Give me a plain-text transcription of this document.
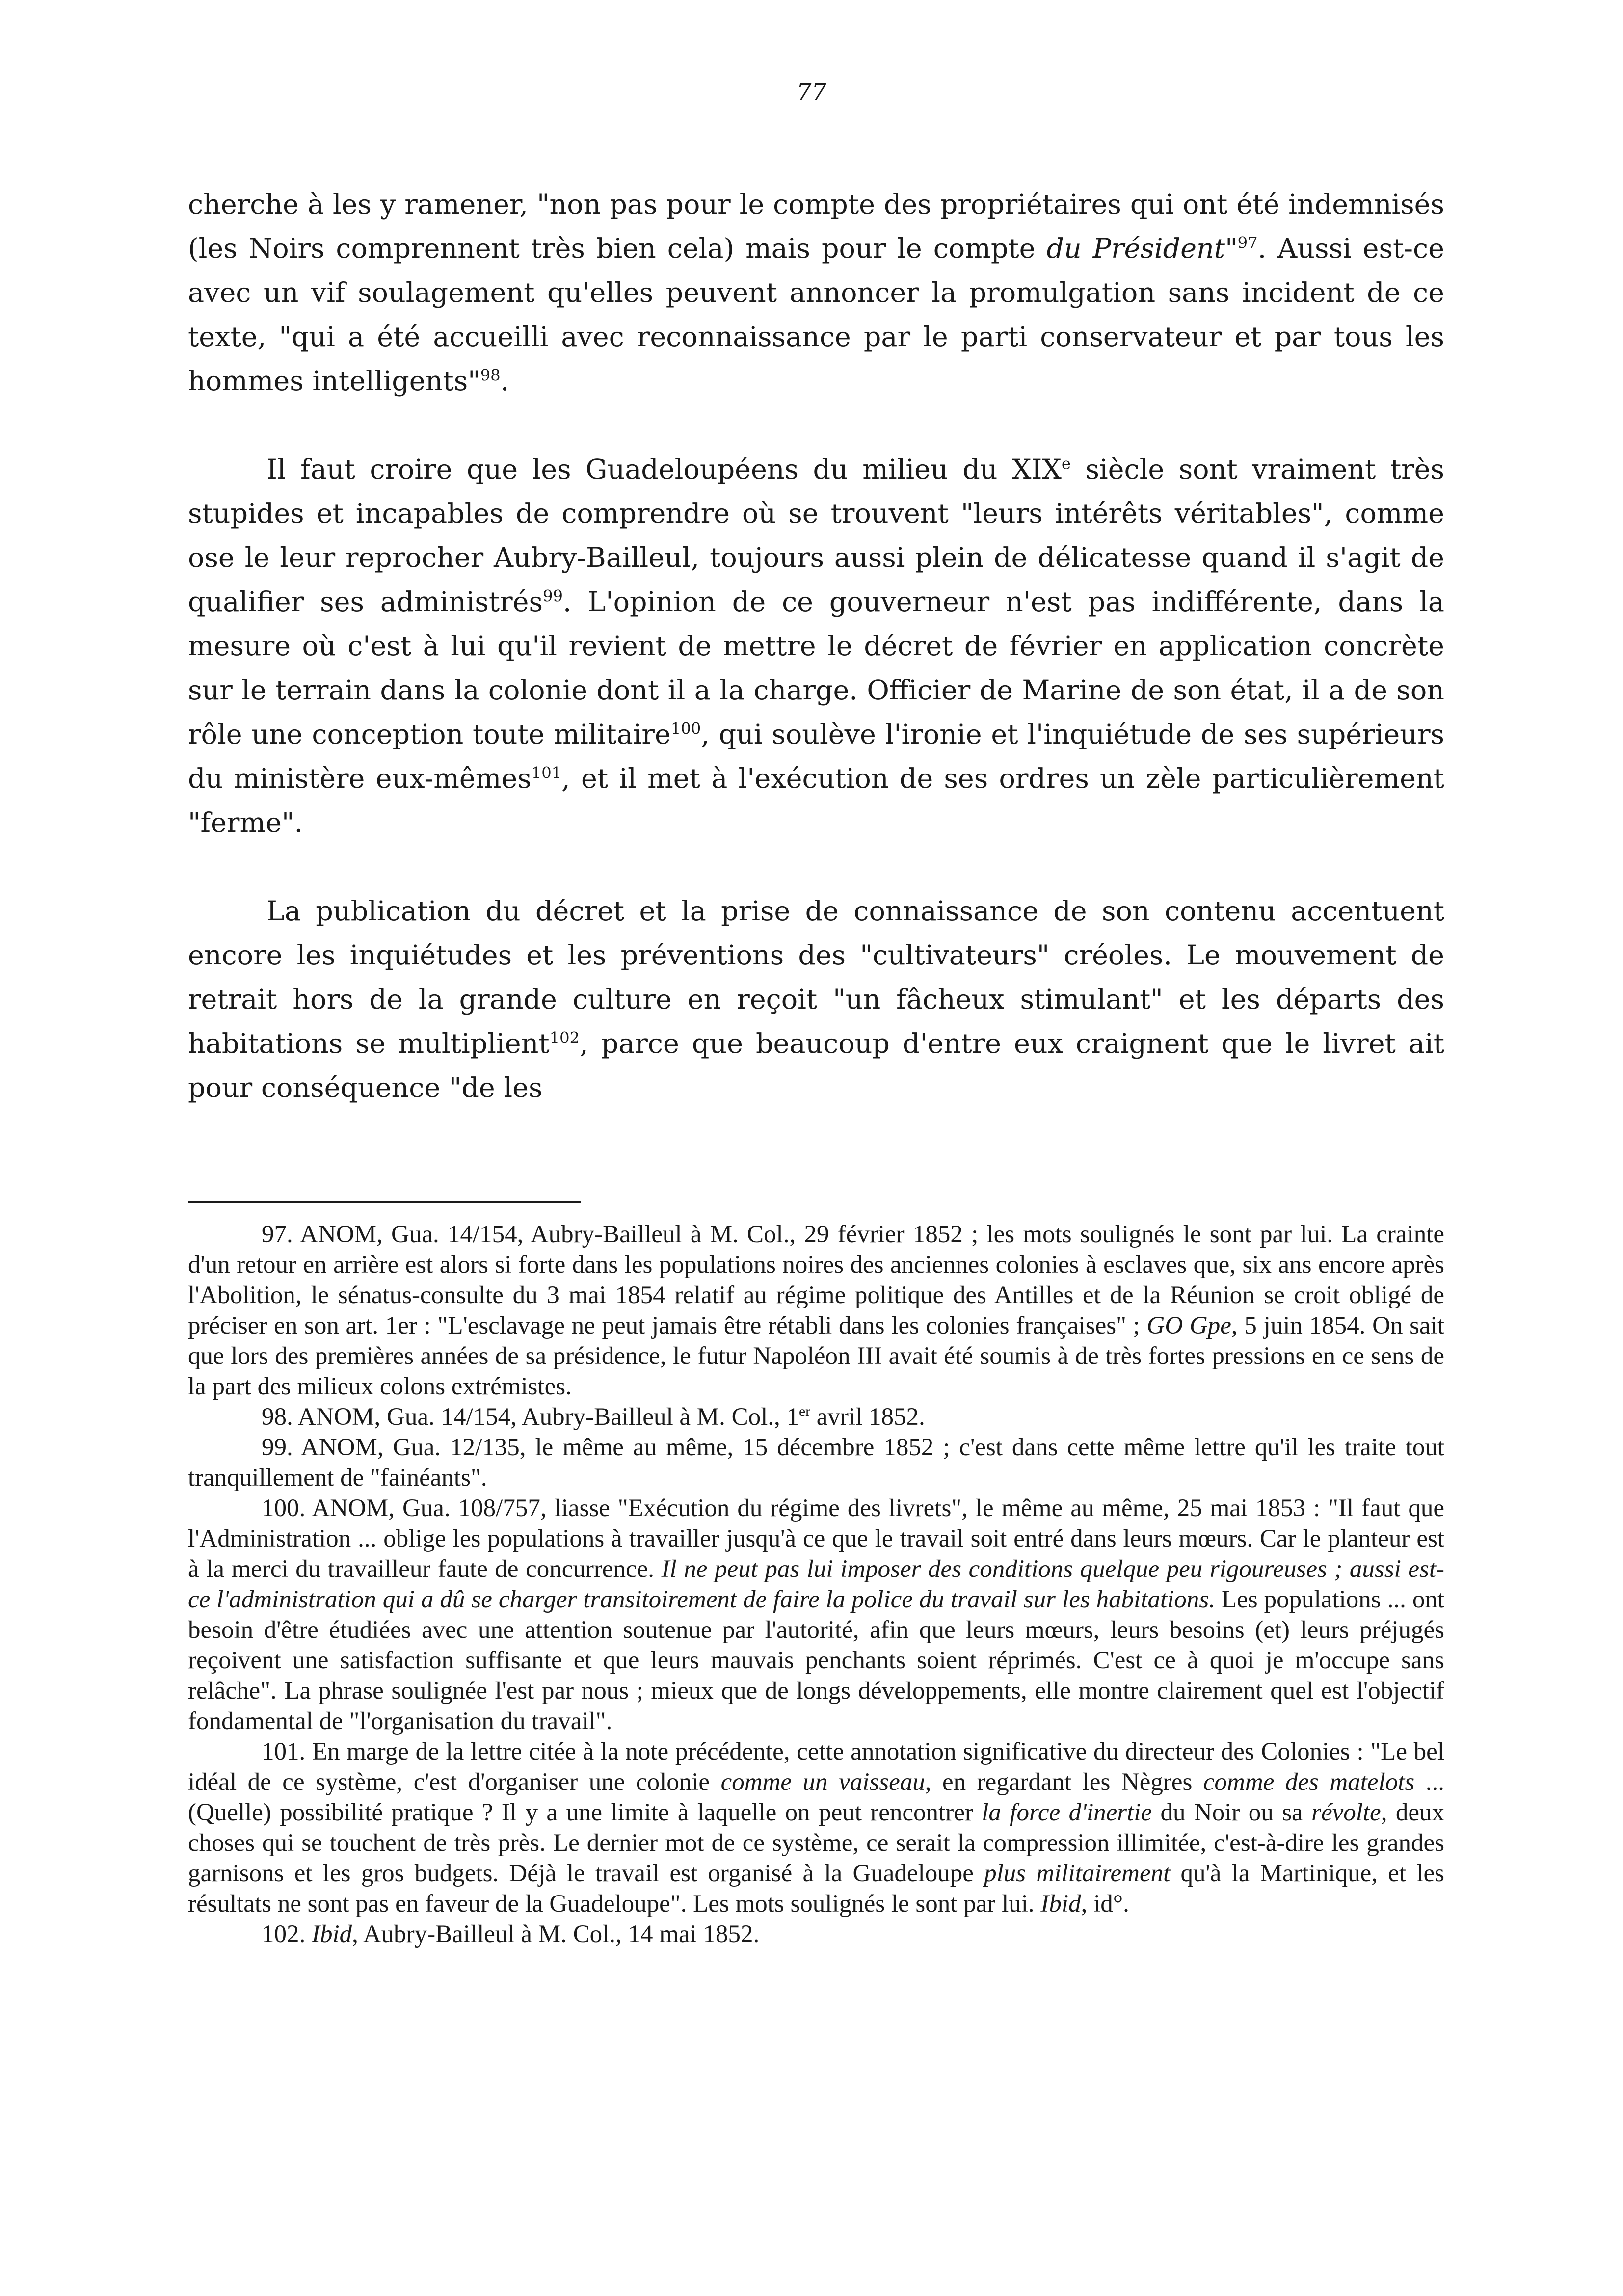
77

cherche à les y ramener, "non pas pour le compte des propriétaires qui ont été indemnisés (les Noirs comprennent très bien cela) mais pour le compte du Président"$^{97}$. Aussi est-ce avec un vif soulagement qu'elles peuvent annoncer la promulgation sans incident de ce texte, "qui a été accueilli avec reconnaissance par le parti conservateur et par tous les hommes intelligents"$^{98}$.

Il faut croire que les Guadeloupéens du milieu du XIXe siècle sont vraiment très stupides et incapables de comprendre où se trouvent "leurs intérêts véritables", comme ose le leur reprocher Aubry-Bailleul, toujours aussi plein de délicatesse quand il s'agit de qualifier ses administrés$^{99}$. L'opinion de ce gouverneur n'est pas indifférente, dans la mesure où c'est à lui qu'il revient de mettre le décret de février en application concrète sur le terrain dans la colonie dont il a la charge. Officier de Marine de son état, il a de son rôle une conception toute militaire$^{100}$, qui soulève l'ironie et l'inquiétude de ses supérieurs du ministère eux-mêmes$^{101}$, et il met à l'exécution de ses ordres un zèle particulièrement "ferme".

La publication du décret et la prise de connaissance de son contenu accentuent encore les inquiétudes et les préventions des "cultivateurs" créoles. Le mouvement de retrait hors de la grande culture en reçoit "un fâcheux stimulant" et les départs des habitations se multiplient$^{102}$, parce que beaucoup d'entre eux craignent que le livret ait pour conséquence "de les

97. ANOM, Gua. 14/154, Aubry-Bailleul à M. Col., 29 février 1852 ; les mots soulignés le sont par lui. La crainte d'un retour en arrière est alors si forte dans les populations noires des anciennes colonies à esclaves que, six ans encore après l'Abolition, le sénatus-consulte du 3 mai 1854 relatif au régime politique des Antilles et de la Réunion se croit obligé de préciser en son art. 1er : "L'esclavage ne peut jamais être rétabli dans les colonies françaises" ; GO Gpe, 5 juin 1854. On sait que lors des premières années de sa présidence, le futur Napoléon III avait été soumis à de très fortes pressions en ce sens de la part des milieux colons extrémistes.

98. ANOM, Gua. 14/154, Aubry-Bailleul à M. Col., 1er avril 1852.

99. ANOM, Gua. 12/135, le même au même, 15 décembre 1852 ; c'est dans cette même lettre qu'il les traite tout tranquillement de "fainéants".

100. ANOM, Gua. 108/757, liasse "Exécution du régime des livrets", le même au même, 25 mai 1853 : "Il faut que l'Administration ... oblige les populations à travailler jusqu'à ce que le travail soit entré dans leurs mœurs. Car le planteur est à la merci du travailleur faute de concurrence. Il ne peut pas lui imposer des conditions quelque peu rigoureuses ; aussi est-ce l'administration qui a dû se charger transitoirement de faire la police du travail sur les habitations. Les populations ... ont besoin d'être étudiées avec une attention soutenue par l'autorité, afin que leurs mœurs, leurs besoins (et) leurs préjugés reçoivent une satisfaction suffisante et que leurs mauvais penchants soient réprimés. C'est ce à quoi je m'occupe sans relâche". La phrase soulignée l'est par nous ; mieux que de longs développements, elle montre clairement quel est l'objectif fondamental de "l'organisation du travail".

101. En marge de la lettre citée à la note précédente, cette annotation significative du directeur des Colonies : "Le bel idéal de ce système, c'est d'organiser une colonie comme un vaisseau, en regardant les Nègres comme des matelots ... (Quelle) possibilité pratique ? Il y a une limite à laquelle on peut rencontrer la force d'inertie du Noir ou sa révolte, deux choses qui se touchent de très près. Le dernier mot de ce système, ce serait la compression illimitée, c'est-à-dire les grandes garnisons et les gros budgets. Déjà le travail est organisé à la Guadeloupe plus militairement qu'à la Martinique, et les résultats ne sont pas en faveur de la Guadeloupe". Les mots soulignés le sont par lui. Ibid, id°.

102. Ibid, Aubry-Bailleul à M. Col., 14 mai 1852.
